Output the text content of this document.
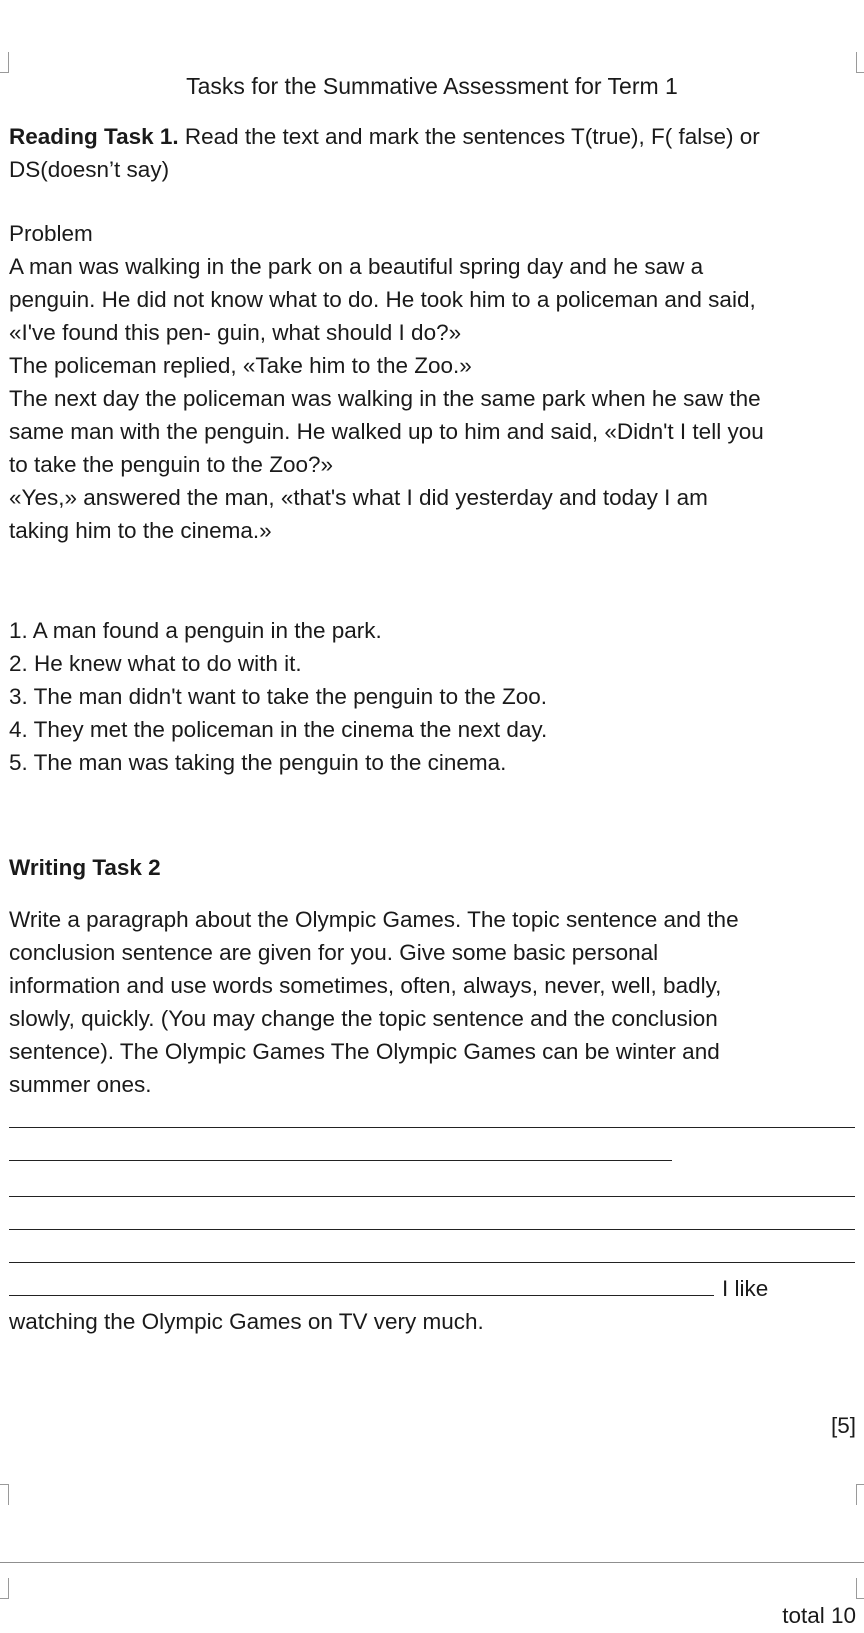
Tasks for the Summative Assessment for Term 1
Reading Task 1. Read the text and mark the sentences T(true), F( false) or
DS(doesn’t say)
Problem
A man was walking in the park on a beautiful spring day and he saw a
penguin. He did not know what to do. He took him to a policeman and said,
«I've found this pen- guin, what should I do?»
The policeman replied, «Take him to the Zoo.»
The next day the policeman was walking in the same park when he saw the
same man with the penguin. He walked up to him and said, «Didn't I tell you
to take the penguin to the Zoo?»
«Yes,» answered the man, «that's what I did yesterday and today I am
taking him to the cinema.»
1. A man found a penguin in the park.
2. He knew what to do with it.
3. The man didn't want to take the penguin to the Zoo.
4. They met the policeman in the cinema the next day.
5. The man was taking the penguin to the cinema.
Writing Task 2
Write a paragraph about the Olympic Games. The topic sentence and the
conclusion sentence are given for you. Give some basic personal
information and use words sometimes, often, always, never, well, badly,
slowly, quickly. (You may change the topic sentence and the conclusion
sentence). The Olympic Games The Olympic Games can be winter and
summer ones.
I like
watching the Olympic Games on TV very much.
[5]
total 10
